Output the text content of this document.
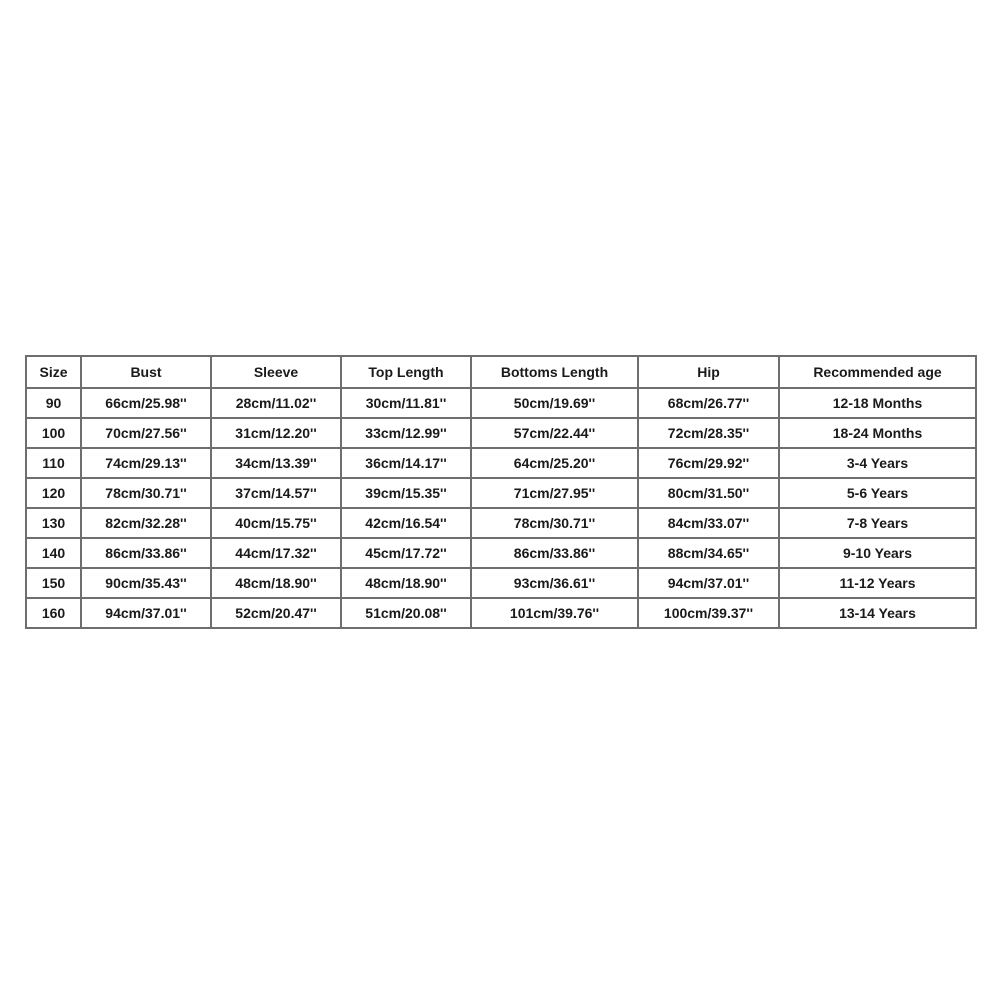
Size	Bust	Sleeve	Top Length	Bottoms Length	Hip	Recommended age
90	66cm/25.98''	28cm/11.02''	30cm/11.81''	50cm/19.69''	68cm/26.77''	12-18 Months
100	70cm/27.56''	31cm/12.20''	33cm/12.99''	57cm/22.44''	72cm/28.35''	18-24 Months
110	74cm/29.13''	34cm/13.39''	36cm/14.17''	64cm/25.20''	76cm/29.92''	3-4 Years
120	78cm/30.71''	37cm/14.57''	39cm/15.35''	71cm/27.95''	80cm/31.50''	5-6 Years
130	82cm/32.28''	40cm/15.75''	42cm/16.54''	78cm/30.71''	84cm/33.07''	7-8 Years
140	86cm/33.86''	44cm/17.32''	45cm/17.72''	86cm/33.86''	88cm/34.65''	9-10 Years
150	90cm/35.43''	48cm/18.90''	48cm/18.90''	93cm/36.61''	94cm/37.01''	11-12 Years
160	94cm/37.01''	52cm/20.47''	51cm/20.08''	101cm/39.76''	100cm/39.37''	13-14 Years
